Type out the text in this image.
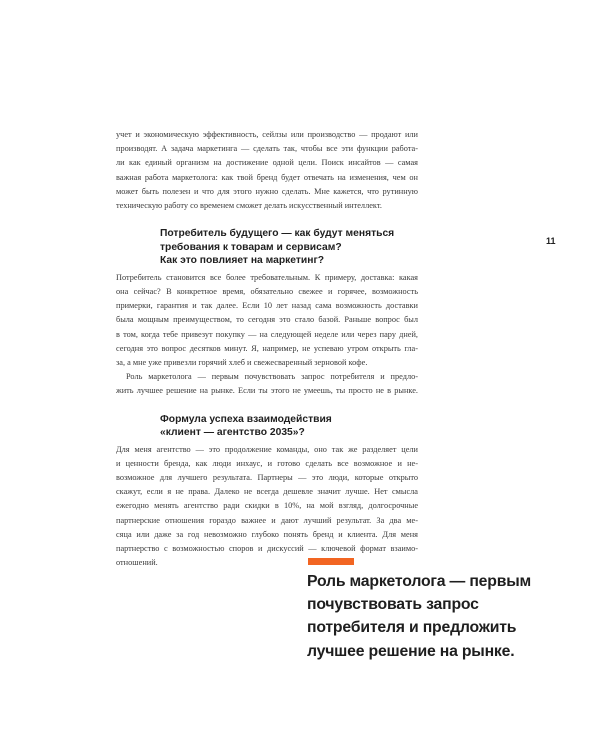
11

учет и экономическую эффективность, сейлзы или производство — продают или
производят. А задача маркетинга — сделать так, чтобы все эти функции работа-
ли как единый организм на достижение одной цели. Поиск инсайтов — самая
важная работа маркетолога: как твой бренд будет отвечать на изменения, чем он
может быть полезен и что для этого нужно сделать. Мне кажется, что рутинную
техническую работу со временем сможет делать искусственный интеллект.

Потребитель будущего — как будут меняться
требования к товарам и сервисам?
Как это повлияет на маркетинг?

Потребитель становится все более требовательным. К примеру, доставка: какая
она сейчас? В конкретное время, обязательно свежее и горячее, возможность
примерки, гарантия и так далее. Если 10 лет назад сама возможность доставки
была мощным преимуществом, то сегодня это стало базой. Раньше вопрос был
в том, когда тебе привезут покупку — на следующей неделе или через пару дней,
сегодня это вопрос десятков минут. Я, например, не успеваю утром открыть гла-
за, а мне уже привезли горячий хлеб и свежесваренный зерновой кофе.

Роль маркетолога — первым почувствовать запрос потребителя и предло-
жить лучшее решение на рынке. Если ты этого не умеешь, ты просто не в рынке.

Формула успеха взаимодействия
«клиент — агентство 2035»?

Для меня агентство — это продолжение команды, оно так же разделяет цели
и ценности бренда, как люди инхаус, и готово сделать все возможное и не-
возможное для лучшего результата. Партнеры — это люди, которые открыто
скажут, если я не права. Далеко не всегда дешевле значит лучше. Нет смысла
ежегодно менять агентство ради скидки в 10%, на мой взгляд, долгосрочные
партнерские отношения гораздо важнее и дают лучший результат. За два ме-
сяца или даже за год невозможно глубоко понять бренд и клиента. Для меня
партнерство с возможностью споров и дискуссий — ключевой формат взаимо-
отношений.

Роль маркетолога — первым
почувствовать запрос
потребителя и предложить
лучшее решение на рынке.
